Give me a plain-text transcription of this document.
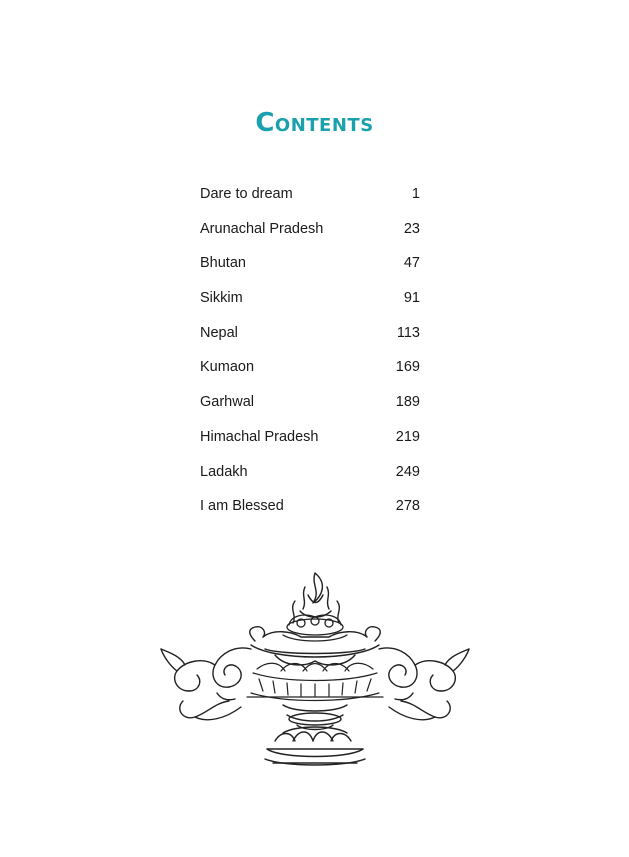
Contents
Dare to dream	1
Arunachal Pradesh	23
Bhutan	47
Sikkim	91
Nepal	113
Kumaon	169
Garhwal	189
Himachal Pradesh	219
Ladakh	249
I am Blessed	278
